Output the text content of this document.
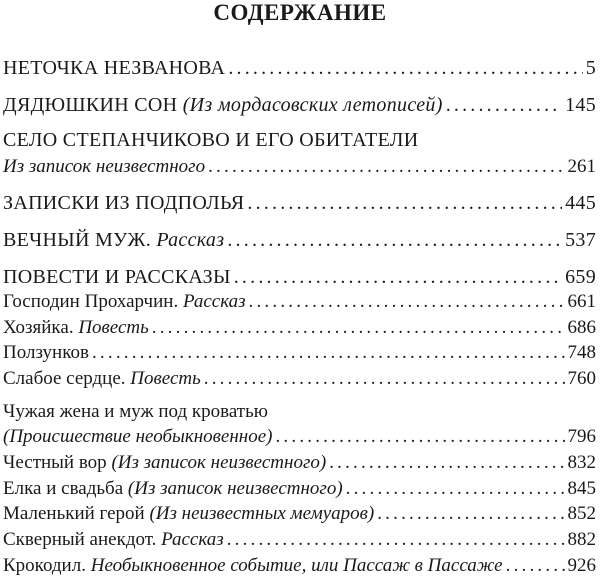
СОДЕРЖАНИЕ
НЕТОЧКА НЕЗВАНОВА .....	5
ДЯДЮШКИН СОН (Из мордасовских летописей) .....	145
СЕЛО СТЕПАНЧИКОВО И ЕГО ОБИТАТЕЛИ
Из записок неизвестного .....	261
ЗАПИСКИ ИЗ ПОДПОЛЬЯ .....	445
ВЕЧНЫЙ МУЖ. Рассказ .....	537
ПОВЕСТИ И РАССКАЗЫ .....	659
Господин Прохарчин. Рассказ .....	661
Хозяйка. Повесть .....	686
Ползунков .....	748
Слабое сердце. Повесть .....	760
Чужая жена и муж под кроватью
(Происшествие необыкновенное) .....	796
Честный вор (Из записок неизвестного) .....	832
Елка и свадьба (Из записок неизвестного) .....	845
Маленький герой (Из неизвестных мемуаров) .....	852
Скверный анекдот. Рассказ .....	882
Крокодил. Необыкновенное событие, или Пассаж в Пассаже .....	926
